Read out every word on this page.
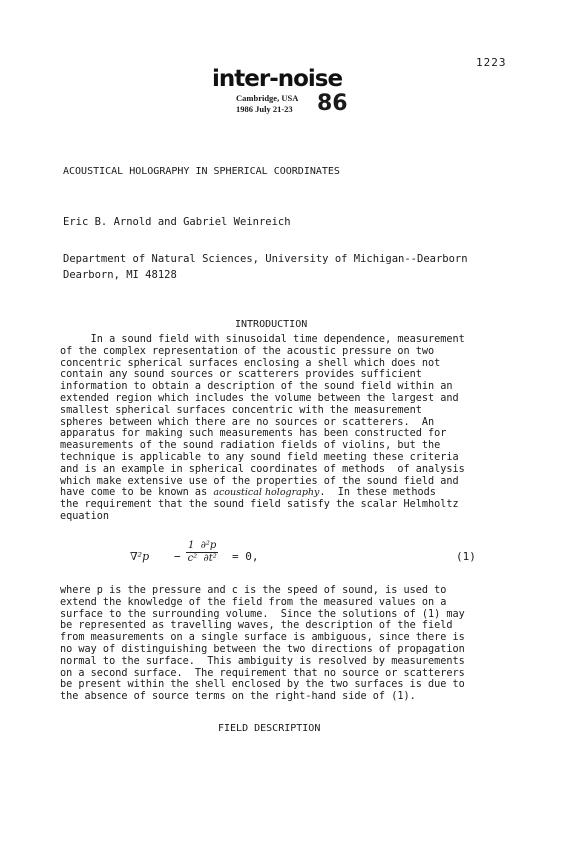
1223
inter-noise
Cambridge, USA
1986 July 21-23 86
ACOUSTICAL HOLOGRAPHY IN SPHERICAL COORDINATES
Eric B. Arnold and Gabriel Weinreich
Department of Natural Sciences, University of Michigan--Dearborn
Dearborn, MI 48128
INTRODUCTION
In a sound field with sinusoidal time dependence, measurement
of the complex representation of the acoustic pressure on two
concentric spherical surfaces enclosing a shell which does not
contain any sound sources or scatterers provides sufficient
information to obtain a description of the sound field within an
extended region which includes the volume between the largest and
smallest spherical surfaces concentric with the measurement
spheres between which there are no sources or scatterers.  An
apparatus for making such measurements has been constructed for
measurements of the sound radiation fields of violins, but the
technique is applicable to any sound field meeting these criteria
and is an example in spherical coordinates of methods  of analysis
which make extensive use of the properties of the sound field and
have come to be known as acoustical holography.  In these methods
the requirement that the sound field satisfy the scalar Helmholtz
equation
$\nabla^2p - \frac{\text{1  ∂²p}}{\text{c²  ∂t²}} = 0$,	(1)
where p is the pressure and c is the speed of sound, is used to
extend the knowledge of the field from the measured values on a
surface to the surrounding volume.  Since the solutions of (1) may
be represented as travelling waves, the description of the field
from measurements on a single surface is ambiguous, since there is
no way of distinguishing between the two directions of propagation
normal to the surface.  This ambiguity is resolved by measurements
on a second surface.  The requirement that no source or scatterers
be present within the shell enclosed by the two surfaces is due to
the absence of source terms on the right-hand side of (1).
FIELD DESCRIPTION
